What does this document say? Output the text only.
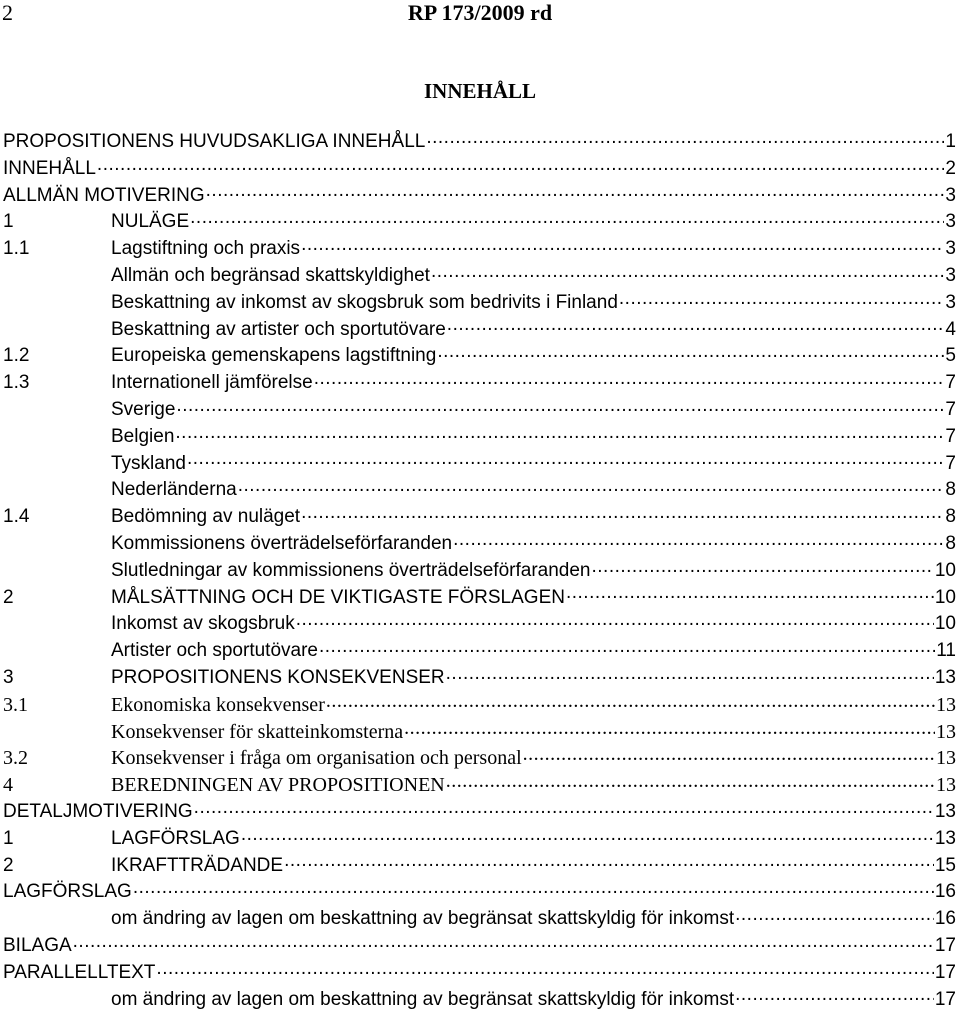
2	RP 173/2009 rd
INNEHÅLL
PROPOSITIONENS HUVUDSAKLIGA INNEHÅLL .....	1
INNEHÅLL .....	2
ALLMÄN MOTIVERING .....	3
1	NULÄGE .....	3
1.1	Lagstiftning och praxis .....	3
Allmän och begränsad skattskyldighet .....	3
Beskattning av inkomst av skogsbruk som bedrivits i Finland .....	3
Beskattning av artister och sportutövare .....	4
1.2	Europeiska gemenskapens lagstiftning .....	5
1.3	Internationell jämförelse .....	7
Sverige .....	7
Belgien .....	7
Tyskland .....	7
Nederländerna .....	8
1.4	Bedömning av nuläget .....	8
Kommissionens överträdelseförfaranden .....	8
Slutledningar av kommissionens överträdelseförfaranden .....	10
2	MÅLSÄTTNING OCH DE VIKTIGASTE FÖRSLAGEN .....	10
Inkomst av skogsbruk .....	10
Artister och sportutövare .....	11
3	PROPOSITIONENS KONSEKVENSER .....	13
3.1	Ekonomiska konsekvenser .....	13
Konsekvenser för skatteinkomsterna .....	13
3.2	Konsekvenser i fråga om organisation och personal .....	13
4	BEREDNINGEN AV PROPOSITIONEN .....	13
DETALJMOTIVERING .....	13
1	LAGFÖRSLAG .....	13
2	IKRAFTTRÄDANDE .....	15
LAGFÖRSLAG .....	16
om ändring av lagen om beskattning av begränsat skattskyldig för inkomst .....	16
BILAGA .....	17
PARALLELLTEXT .....	17
om ändring av lagen om beskattning av begränsat skattskyldig för inkomst .....	17
